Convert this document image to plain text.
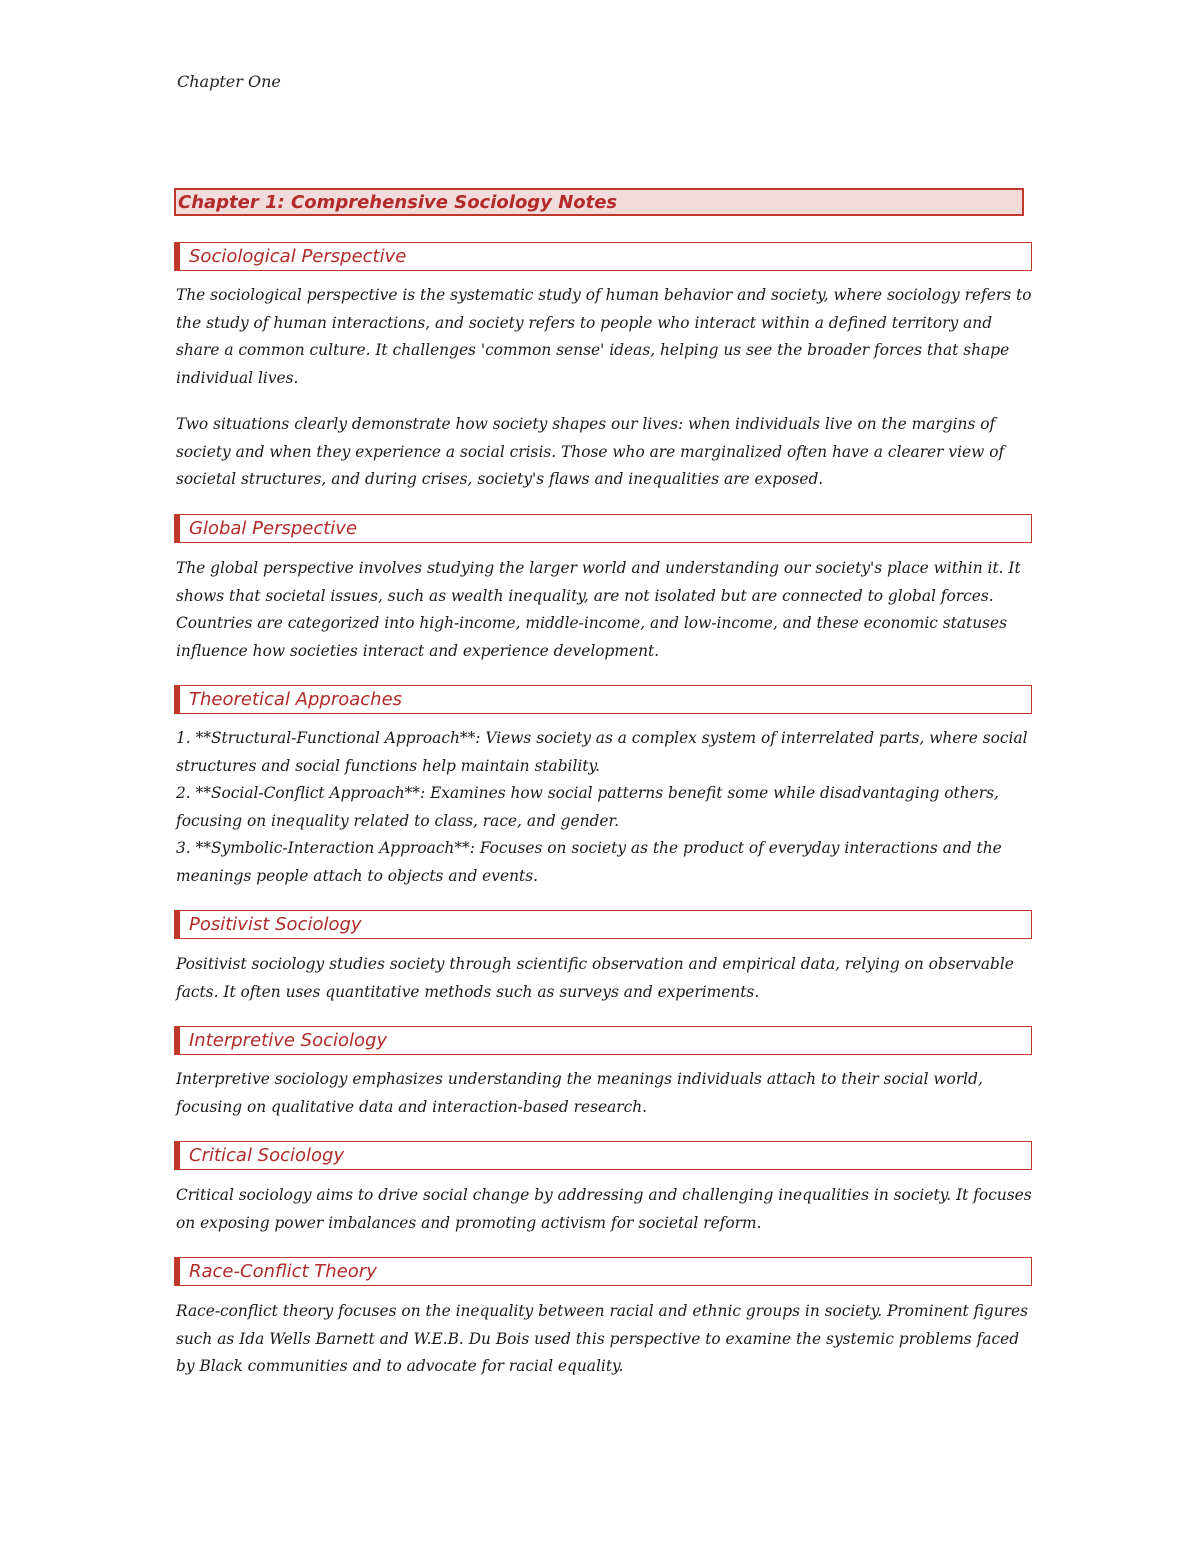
Chapter One
Chapter 1: Comprehensive Sociology Notes
Sociological Perspective

The sociological perspective is the systematic study of human behavior and society, where sociology refers to the study of human interactions, and society refers to people who interact within a defined territory and share a common culture. It challenges 'common sense' ideas, helping us see the broader forces that shape individual lives.

Two situations clearly demonstrate how society shapes our lives: when individuals live on the margins of society and when they experience a social crisis. Those who are marginalized often have a clearer view of societal structures, and during crises, society's flaws and inequalities are exposed.

Global Perspective

The global perspective involves studying the larger world and understanding our society's place within it. It shows that societal issues, such as wealth inequality, are not isolated but are connected to global forces. Countries are categorized into high-income, middle-income, and low-income, and these economic statuses influence how societies interact and experience development.

Theoretical Approaches
1. **Structural-Functional Approach**: Views society as a complex system of interrelated parts, where social structures and social functions help maintain stability.
2. **Social-Conflict Approach**: Examines how social patterns benefit some while disadvantaging others, focusing on inequality related to class, race, and gender.
3. **Symbolic-Interaction Approach**: Focuses on society as the product of everyday interactions and the meanings people attach to objects and events.
Positivist Sociology

Positivist sociology studies society through scientific observation and empirical data, relying on observable facts. It often uses quantitative methods such as surveys and experiments.

Interpretive Sociology

Interpretive sociology emphasizes understanding the meanings individuals attach to their social world, focusing on qualitative data and interaction-based research.

Critical Sociology

Critical sociology aims to drive social change by addressing and challenging inequalities in society. It focuses on exposing power imbalances and promoting activism for societal reform.

Race-Conflict Theory

Race-conflict theory focuses on the inequality between racial and ethnic groups in society. Prominent figures such as Ida Wells Barnett and W.E.B. Du Bois used this perspective to examine the systemic problems faced by Black communities and to advocate for racial equality.
